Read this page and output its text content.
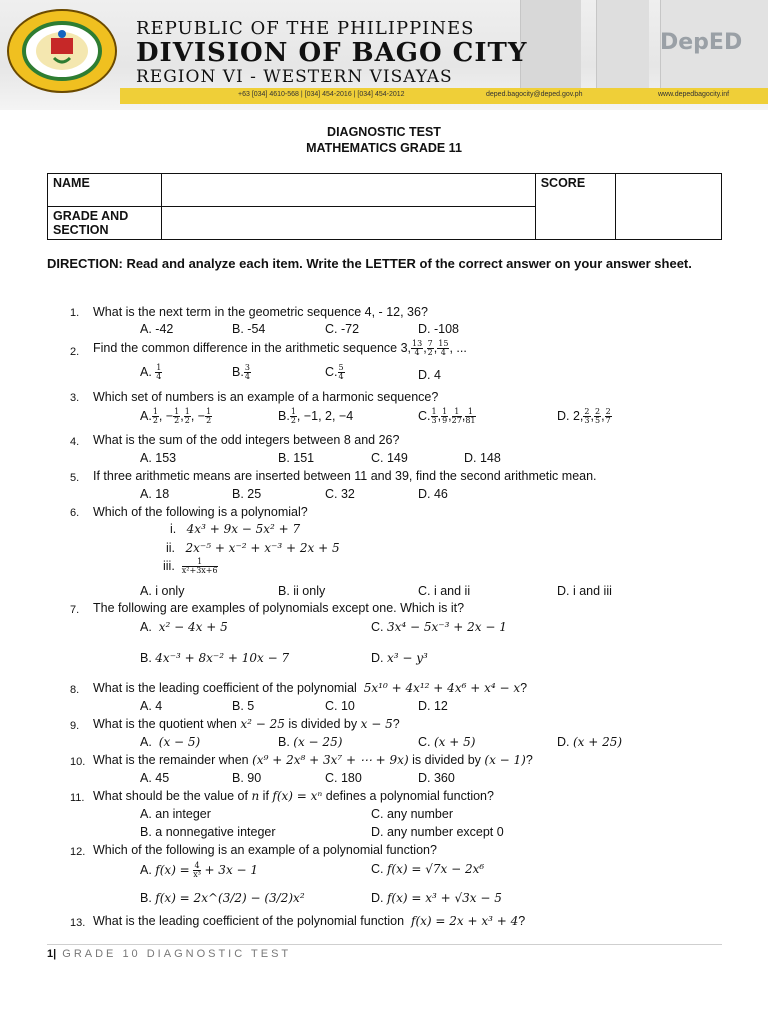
DepED
REPUBLIC OF THE PHILIPPINES
DIVISION OF BAGO CITY
REGION VI - WESTERN VISAYAS
+63 [034] 4610-568 | [034] 454-2016 | [034] 454-2012	deped.bagocity@deped.gov.ph	www.depedbagocity.inf
DIAGNOSTIC TEST
MATHEMATICS GRADE 11
NAME		SCORE	
GRADE AND
SECTION			
DIRECTION: Read and analyze each item. Write the LETTER of the correct answer on your answer sheet.
1. What is the next term in the geometric sequence 4, - 12, 36?
A. -42	B. -54	C. -72	D. -108
2. Find the common difference in the arithmetic sequence 3, $\frac{13}{4}$ , $\frac{7}{2}$ , $\frac{15}{4}$ , ...
A. $\frac{1}{4}$	B. $\frac{3}{4}$	C. $\frac{5}{4}$	D. 4
3. Which set of numbers is an example of a harmonic sequence?
A. $\frac{1}{2}$ , − $\frac{1}{2}$ , $\frac{1}{2}$ , − $\frac{1}{2}$	B. $\frac{1}{2}$ , −1, 2, −4	C. $\frac{1}{3}$ , $\frac{1}{9}$ , $\frac{1}{27}$ , $\frac{1}{81}$	D. 2, $\frac{2}{3}$ , $\frac{2}{5}$ , $\frac{2}{7}$
4. What is the sum of the odd integers between 8 and 26?
A. 153	B. 151	C. 149	D. 148
5. If three arithmetic means are inserted between 11 and 39, find the second arithmetic mean.
A. 18	B. 25	C. 32	D. 46
6. Which of the following is a polynomial?
i. 4x³ + 9x − 5x² + 7
ii. 2x⁻⁵ + x⁻² + x⁻³ + 2x + 5
iii. $\frac{1}{\text{x²+3x+6}}$
A. i only	B. ii only	C. i and ii	D. i and iii
7. The following are examples of polynomials except one. Which is it?
A. x² − 4x + 5	C. 3x⁴ − 5x⁻³ + 2x − 1
B. 4x⁻³ + 8x⁻² + 10x − 7	D. x³ − y³
8. What is the leading coefficient of the polynomial 5x¹⁰ + 4x¹² + 4x⁶ + x⁴ − x?
A. 4	B. 5	C. 10	D. 12
9. What is the quotient when x² − 25 is divided by x − 5?
A. (x − 5)	B. (x − 25)	C. (x + 5)	D. (x + 25)
10. What is the remainder when (x⁹ + 2x⁸ + 3x⁷ + ⋯ + 9x) is divided by (x − 1)?
A. 45	B. 90	C. 180	D. 360
11. What should be the value of n if f(x) = xⁿ defines a polynomial function?
A. an integer	C. any number
B. a nonnegative integer	D. any number except 0
12. Which of the following is an example of a polynomial function?
A. $f(x) = \frac{4}{\text{x³}} + 3x - 1$	C. f(x) = √7x − 2x⁶
B. f(x) = 2x^(3/2) − (3/2)x²	D. f(x) = x³ + √3x − 5
13. What is the leading coefficient of the polynomial function f(x) = 2x + x³ + 4?
1| GRADE 10 DIAGNOSTIC TEST
